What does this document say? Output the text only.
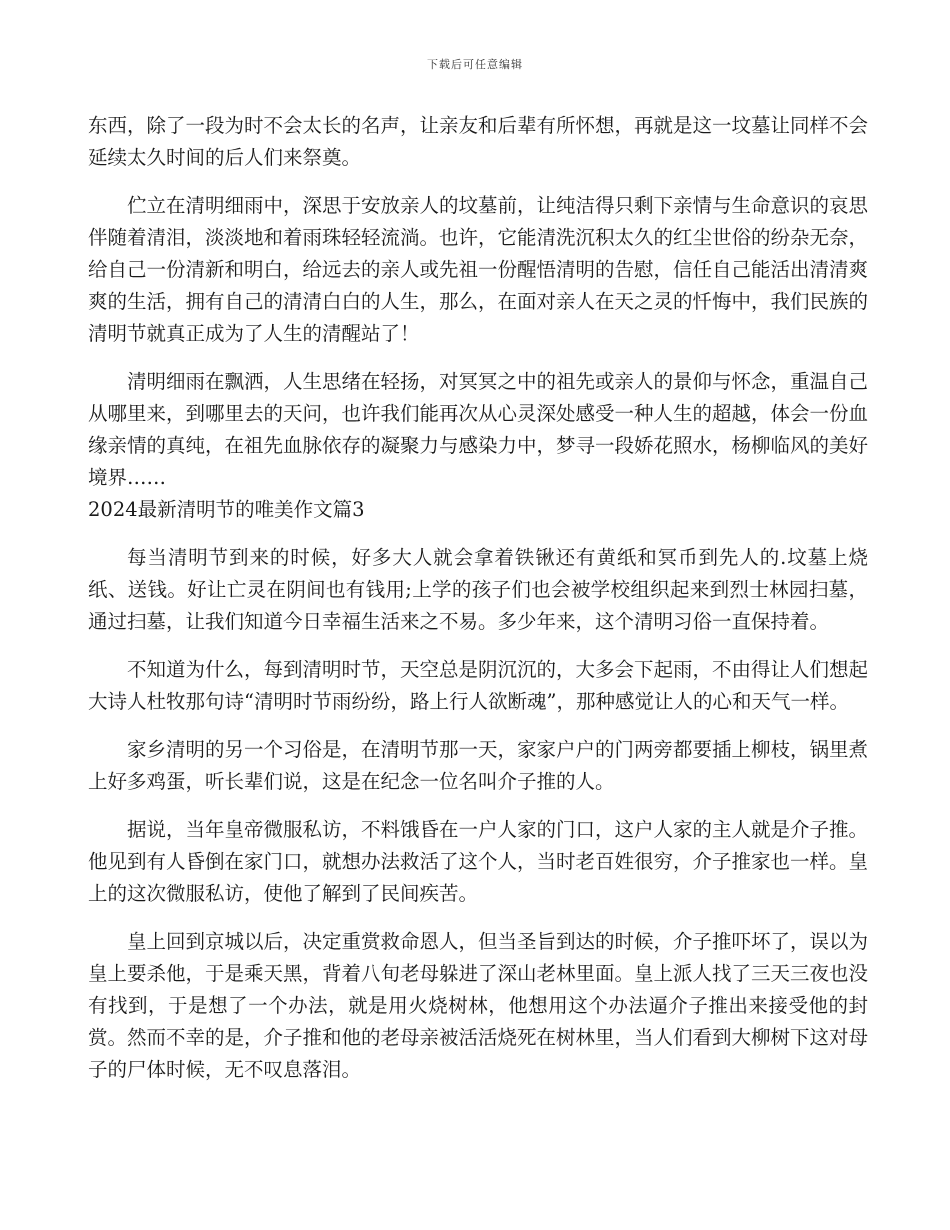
下载后可任意编辑

东西，除了一段为时不会太长的名声，让亲友和后辈有所怀想，再就是这一坟墓让同样不会延续太久时间的后人们来祭奠。

伫立在清明细雨中，深思于安放亲人的坟墓前，让纯洁得只剩下亲情与生命意识的哀思伴随着清泪，淡淡地和着雨珠轻轻流淌。也许，它能清洗沉积太久的红尘世俗的纷杂无奈，给自己一份清新和明白，给远去的亲人或先祖一份醒悟清明的告慰，信任自己能活出清清爽爽的生活，拥有自己的清清白白的人生，那么，在面对亲人在天之灵的忏悔中，我们民族的清明节就真正成为了人生的清醒站了！

清明细雨在飘洒，人生思绪在轻扬，对冥冥之中的祖先或亲人的景仰与怀念，重温自己从哪里来，到哪里去的天问，也许我们能再次从心灵深处感受一种人生的超越，体会一份血缘亲情的真纯，在祖先血脉依存的凝聚力与感染力中，梦寻一段娇花照水，杨柳临风的美好境界……

2024最新清明节的唯美作文篇3

每当清明节到来的时候，好多大人就会拿着铁锹还有黄纸和冥币到先人的.坟墓上烧纸、送钱。好让亡灵在阴间也有钱用;上学的孩子们也会被学校组织起来到烈士林园扫墓，通过扫墓，让我们知道今日幸福生活来之不易。多少年来，这个清明习俗一直保持着。

不知道为什么，每到清明时节，天空总是阴沉沉的，大多会下起雨，不由得让人们想起大诗人杜牧那句诗“清明时节雨纷纷，路上行人欲断魂”，那种感觉让人的心和天气一样。

家乡清明的另一个习俗是，在清明节那一天，家家户户的门两旁都要插上柳枝，锅里煮上好多鸡蛋，听长辈们说，这是在纪念一位名叫介子推的人。

据说，当年皇帝微服私访，不料饿昏在一户人家的门口，这户人家的主人就是介子推。他见到有人昏倒在家门口，就想办法救活了这个人，当时老百姓很穷，介子推家也一样。皇上的这次微服私访，使他了解到了民间疾苦。

皇上回到京城以后，决定重赏救命恩人，但当圣旨到达的时候，介子推吓坏了，误以为皇上要杀他，于是乘天黑，背着八旬老母躲进了深山老林里面。皇上派人找了三天三夜也没有找到，于是想了一个办法，就是用火烧树林，他想用这个办法逼介子推出来接受他的封赏。然而不幸的是，介子推和他的老母亲被活活烧死在树林里，当人们看到大柳树下这对母子的尸体时候，无不叹息落泪。
